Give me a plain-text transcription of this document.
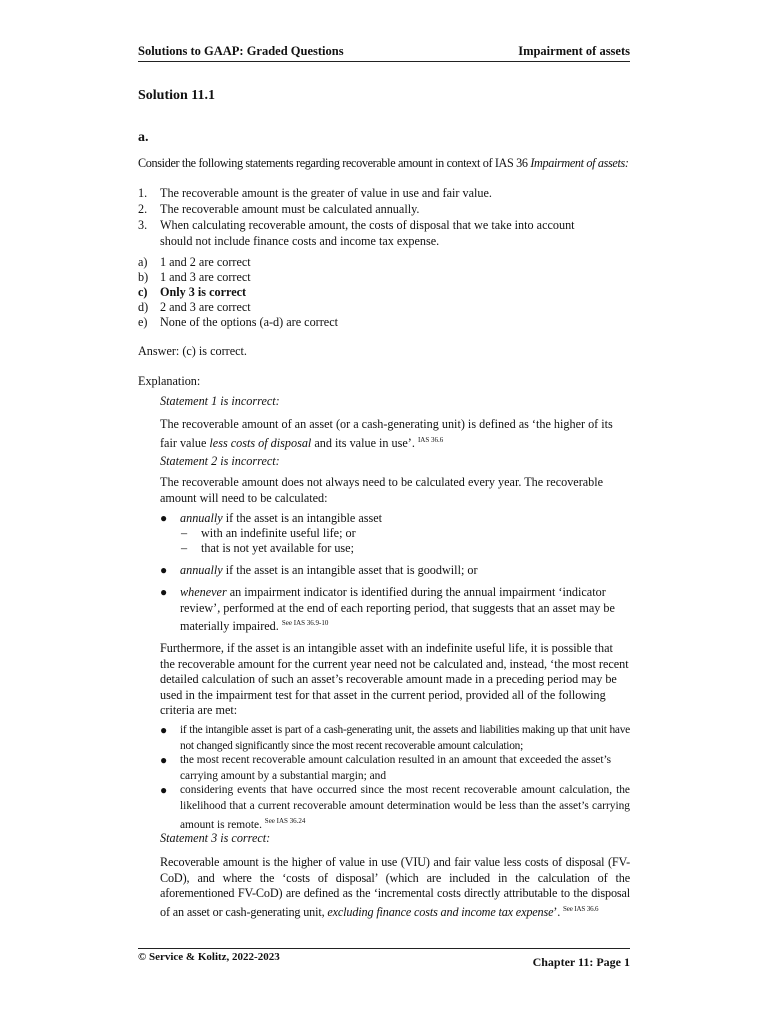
Solutions to GAAP: Graded Questions	Impairment of assets
Solution 11.1
a.
Consider the following statements regarding recoverable amount in context of IAS 36 Impairment of assets:
1. The recoverable amount is the greater of value in use and fair value.
2. The recoverable amount must be calculated annually.
3. When calculating recoverable amount, the costs of disposal that we take into account
should not include finance costs and income tax expense.
a) 1 and 2 are correct
b) 1 and 3 are correct
c) Only 3 is correct
d) 2 and 3 are correct
e) None of the options (a-d) are correct
Answer: (c) is correct.
Explanation:
Statement 1 is incorrect:
The recoverable amount of an asset (or a cash-generating unit) is defined as ‘the higher of its fair value less costs of disposal and its value in use’. $^{IAS 36.6}$
Statement 2 is incorrect:
The recoverable amount does not always need to be calculated every year. The recoverable amount will need to be calculated:
● annually if the asset is an intangible asset
– with an indefinite useful life; or
– that is not yet available for use;
● annually if the asset is an intangible asset that is goodwill; or
● whenever an impairment indicator is identified during the annual impairment ‘indicator review’, performed at the end of each reporting period, that suggests that an asset may be materially impaired. $^{See IAS 36.9-10}$
Furthermore, if the asset is an intangible asset with an indefinite useful life, it is possible that the recoverable amount for the current year need not be calculated and, instead, ‘the most recent detailed calculation of such an asset’s recoverable amount made in a preceding period may be used in the impairment test for that asset in the current period, provided all of the following criteria are met:
● if the intangible asset is part of a cash-generating unit, the assets and liabilities making up that unit have not changed significantly since the most recent recoverable amount calculation;
● the most recent recoverable amount calculation resulted in an amount that exceeded the asset’s carrying amount by a substantial margin; and
● considering events that have occurred since the most recent recoverable amount calculation, the likelihood that a current recoverable amount determination would be less than the asset’s carrying amount is remote. $^{See IAS 36.24}$
Statement 3 is correct:
Recoverable amount is the higher of value in use (VIU) and fair value less costs of disposal (FV-CoD), and where the ‘costs of disposal’ (which are included in the calculation of the aforementioned FV-CoD) are defined as the ‘incremental costs directly attributable to the disposal of an asset or cash-generating unit, excluding finance costs and income tax expense’. $^{See IAS 36.6}$
© Service & Kolitz, 2022-2023	Chapter 11: Page 1
